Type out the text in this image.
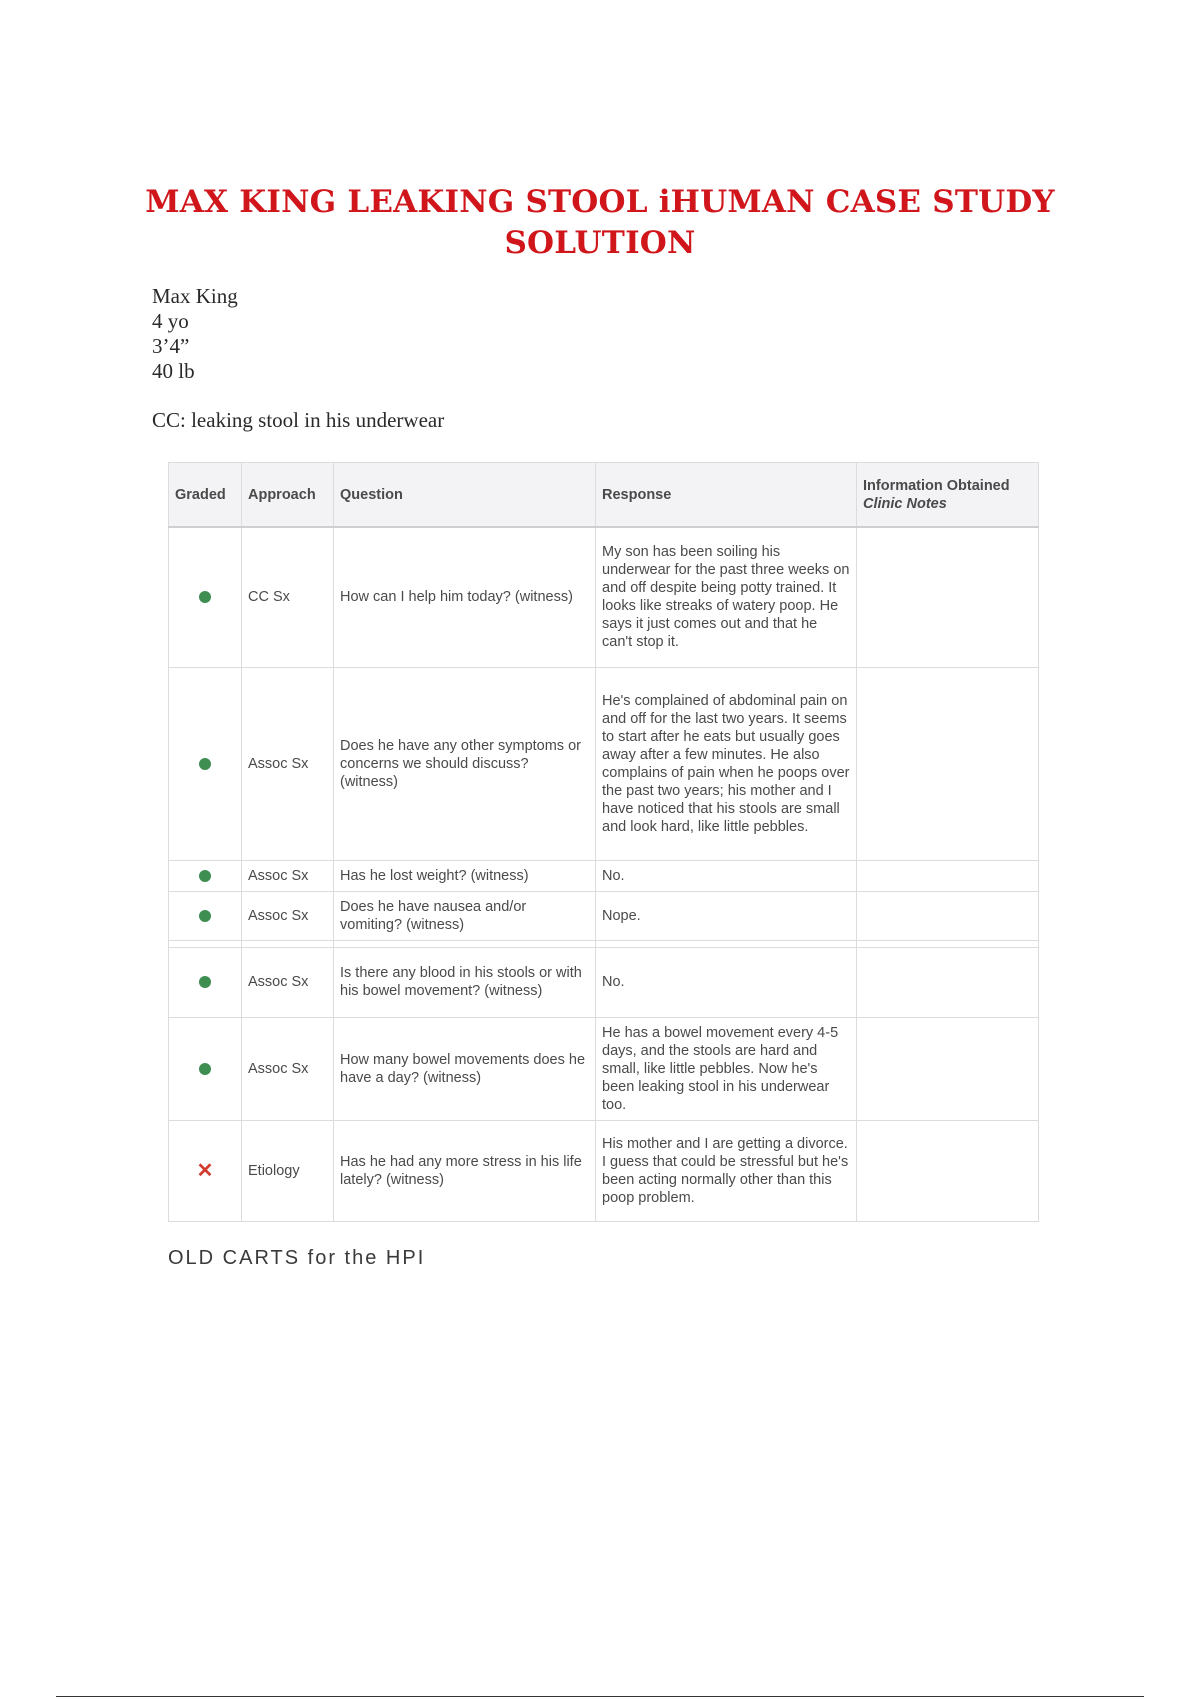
MAX KING LEAKING STOOL iHUMAN CASE STUDY
SOLUTION
Max King
4 yo
3’4”
40 lb
CC: leaking stool in his underwear
Graded	Approach	Question	Response	Information Obtained Clinic Notes
	CC Sx	How can I help him today? (witness)	My son has been soiling his underwear for the past three weeks on and off despite being potty trained. It looks like streaks of watery poop. He says it just comes out and that he can't stop it.	
	Assoc Sx	Does he have any other symptoms or concerns we should discuss? (witness)	He's complained of abdominal pain on and off for the last two years. It seems to start after he eats but usually goes away after a few minutes. He also complains of pain when he poops over the past two years; his mother and I have noticed that his stools are small and look hard, like little pebbles.	
	Assoc Sx	Has he lost weight? (witness)	No.	
	Assoc Sx	Does he have nausea and/or vomiting? (witness)	Nope.	

	Assoc Sx	Is there any blood in his stools or with his bowel movement? (witness)	No.	
	Assoc Sx	How many bowel movements does he have a day? (witness)	He has a bowel movement every 4-5 days, and the stools are hard and small, like little pebbles. Now he's been leaking stool in his underwear too.	
✕	Etiology	Has he had any more stress in his life lately? (witness)	His mother and I are getting a divorce. I guess that could be stressful but he's been acting normally other than this poop problem.	
OLD CARTS for the HPI
